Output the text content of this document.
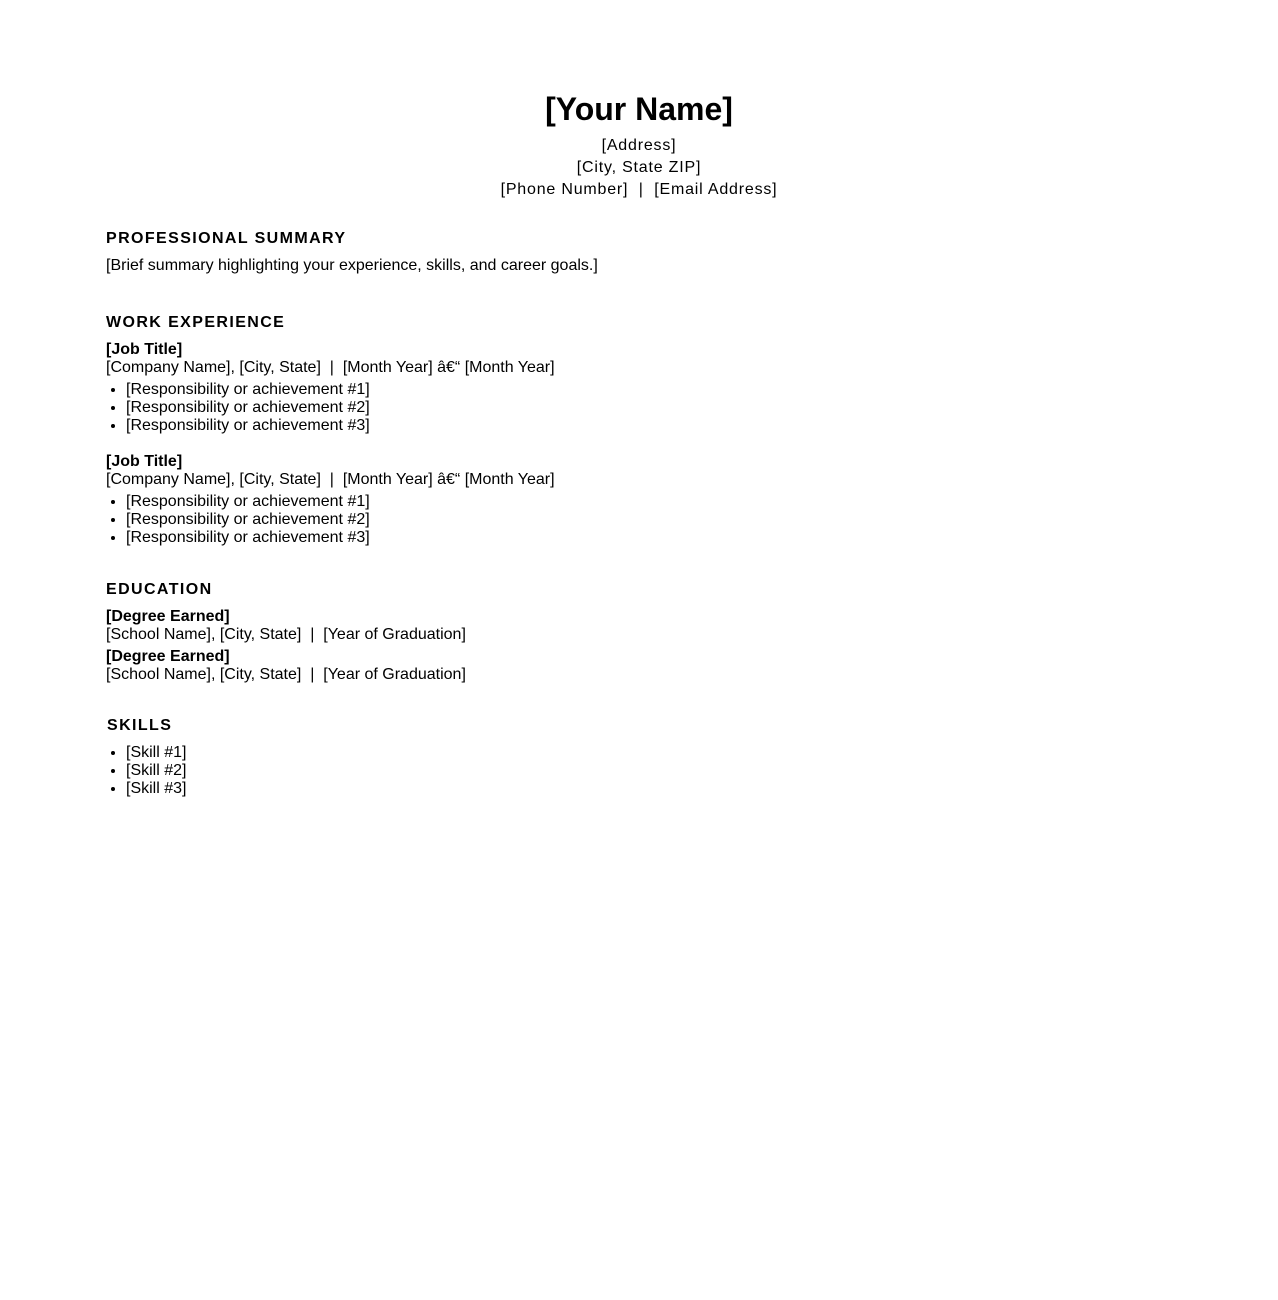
[Your Name]
[Address]
[City, State ZIP]
[Phone Number] | [Email Address]
PROFESSIONAL SUMMARY

[Brief summary highlighting your experience, skills, and career goals.]

WORK EXPERIENCE
[Job Title]
[Company Name], [City, State]  |  [Month Year] â€“ [Month Year]
• [Responsibility or achievement #1]
• [Responsibility or achievement #2]
• [Responsibility or achievement #3]
[Job Title]
[Company Name], [City, State]  |  [Month Year] â€“ [Month Year]
• [Responsibility or achievement #1]
• [Responsibility or achievement #2]
• [Responsibility or achievement #3]
EDUCATION
[Degree Earned]
[School Name], [City, State]  |  [Year of Graduation]
[Degree Earned]
[School Name], [City, State]  |  [Year of Graduation]
SKILLS
• [Skill #1]
• [Skill #2]
• [Skill #3]
